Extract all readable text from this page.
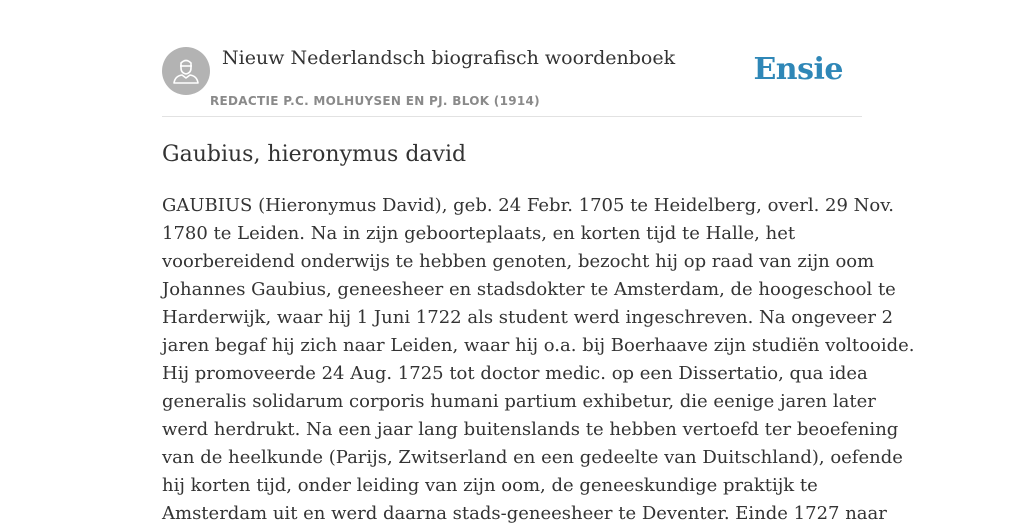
Nieuw Nederlandsch biografisch woordenboek
REDACTIE P.C. MOLHUYSEN EN PJ. BLOK (1914)
Ensie
Gaubius, hieronymus david
GAUBIUS (Hieronymus David), geb. 24 Febr. 1705 te Heidelberg, overl. 29 Nov.
1780 te Leiden. Na in zijn geboorteplaats, en korten tijd te Halle, het
voorbereidend onderwijs te hebben genoten, bezocht hij op raad van zijn oom
Johannes Gaubius, geneesheer en stadsdokter te Amsterdam, de hoogeschool te
Harderwijk, waar hij 1 Juni 1722 als student werd ingeschreven. Na ongeveer 2
jaren begaf hij zich naar Leiden, waar hij o.a. bij Boerhaave zijn studiën voltooide.
Hij promoveerde 24 Aug. 1725 tot doctor medic. op een Dissertatio, qua idea
generalis solidarum corporis humani partium exhibetur, die eenige jaren later
werd herdrukt. Na een jaar lang buitenslands te hebben vertoefd ter beoefening
van de heelkunde (Parijs, Zwitserland en een gedeelte van Duitschland), oefende
hij korten tijd, onder leiding van zijn oom, de geneeskundige praktijk te
Amsterdam uit en werd daarna stads-geneesheer te Deventer. Einde 1727 naar
